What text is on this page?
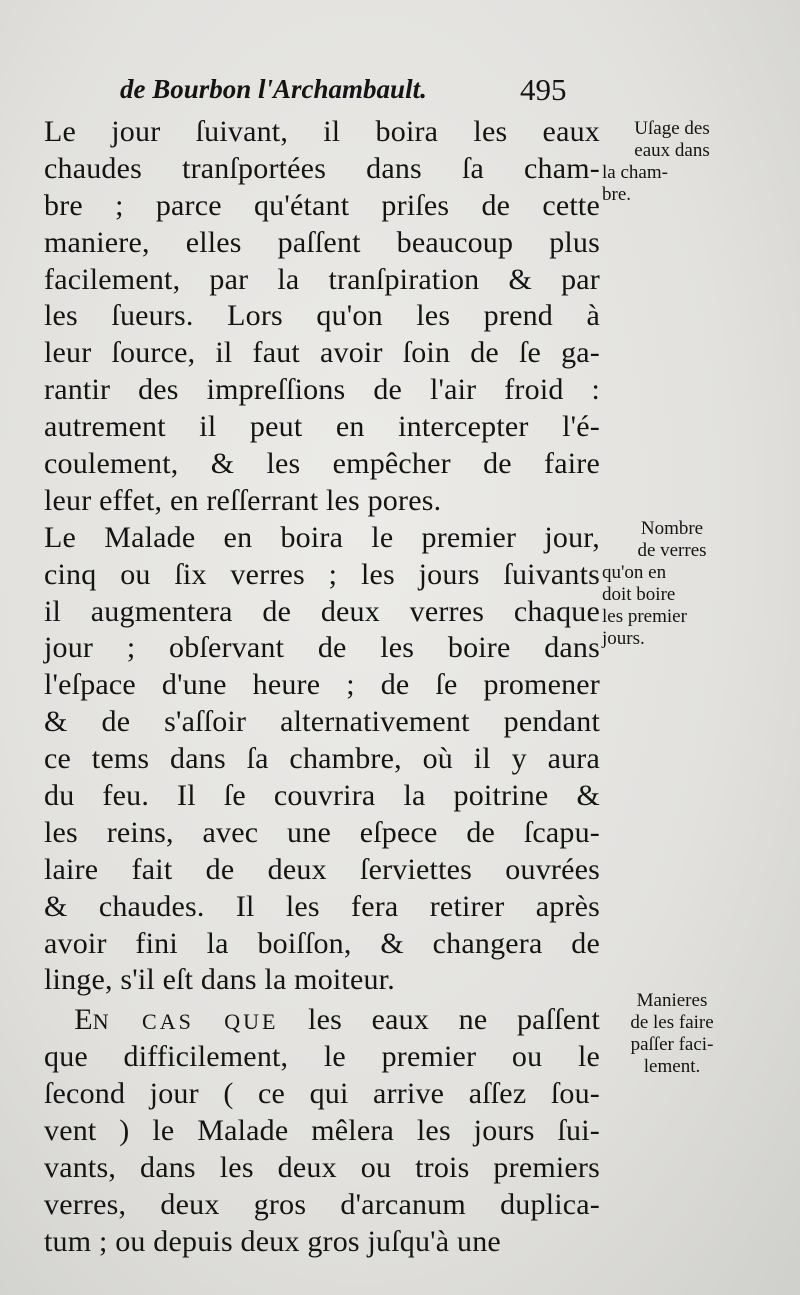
de Bourbon l'Archambault.	495
Le jour ſuivant, il boira les eaux
chaudes tranſportées dans ſa cham-
bre ; parce qu'étant priſes de cette
maniere, elles paſſent beaucoup plus
facilement, par la tranſpiration & par
les ſueurs. Lors qu'on les prend à
leur ſource, il faut avoir ſoin de ſe ga-
rantir des impreſſions de l'air froid :
autrement il peut en intercepter l'é-
coulement, & les empêcher de faire
leur effet, en reſſerrant les pores.
Le Malade en boira le premier jour,
cinq ou ſix verres ; les jours ſuivants
il augmentera de deux verres chaque
jour ; obſervant de les boire dans
l'eſpace d'une heure ; de ſe promener
& de s'aſſoir alternativement pendant
ce tems dans ſa chambre, où il y aura
du feu. Il ſe couvrira la poitrine &
les reins, avec une eſpece de ſcapu-
laire fait de deux ſerviettes ouvrées
& chaudes. Il les fera retirer après
avoir fini la boiſſon, & changera de
linge, s'il eſt dans la moiteur.
 EN CAS QUE les eaux ne paſſent
que difficilement, le premier ou le
ſecond jour ( ce qui arrive aſſez ſou-
vent ) le Malade mêlera les jours ſui-
vants, dans les deux ou trois premiers
verres, deux gros d'arcanum duplica-
tum ; ou depuis deux gros juſqu'à une
Uſage des
eaux dans
la cham-
bre.
Nombre
de verres
qu'on en
doit boire
les premier
jours.
Manieres
de les faire
paſſer faci-
lement.
